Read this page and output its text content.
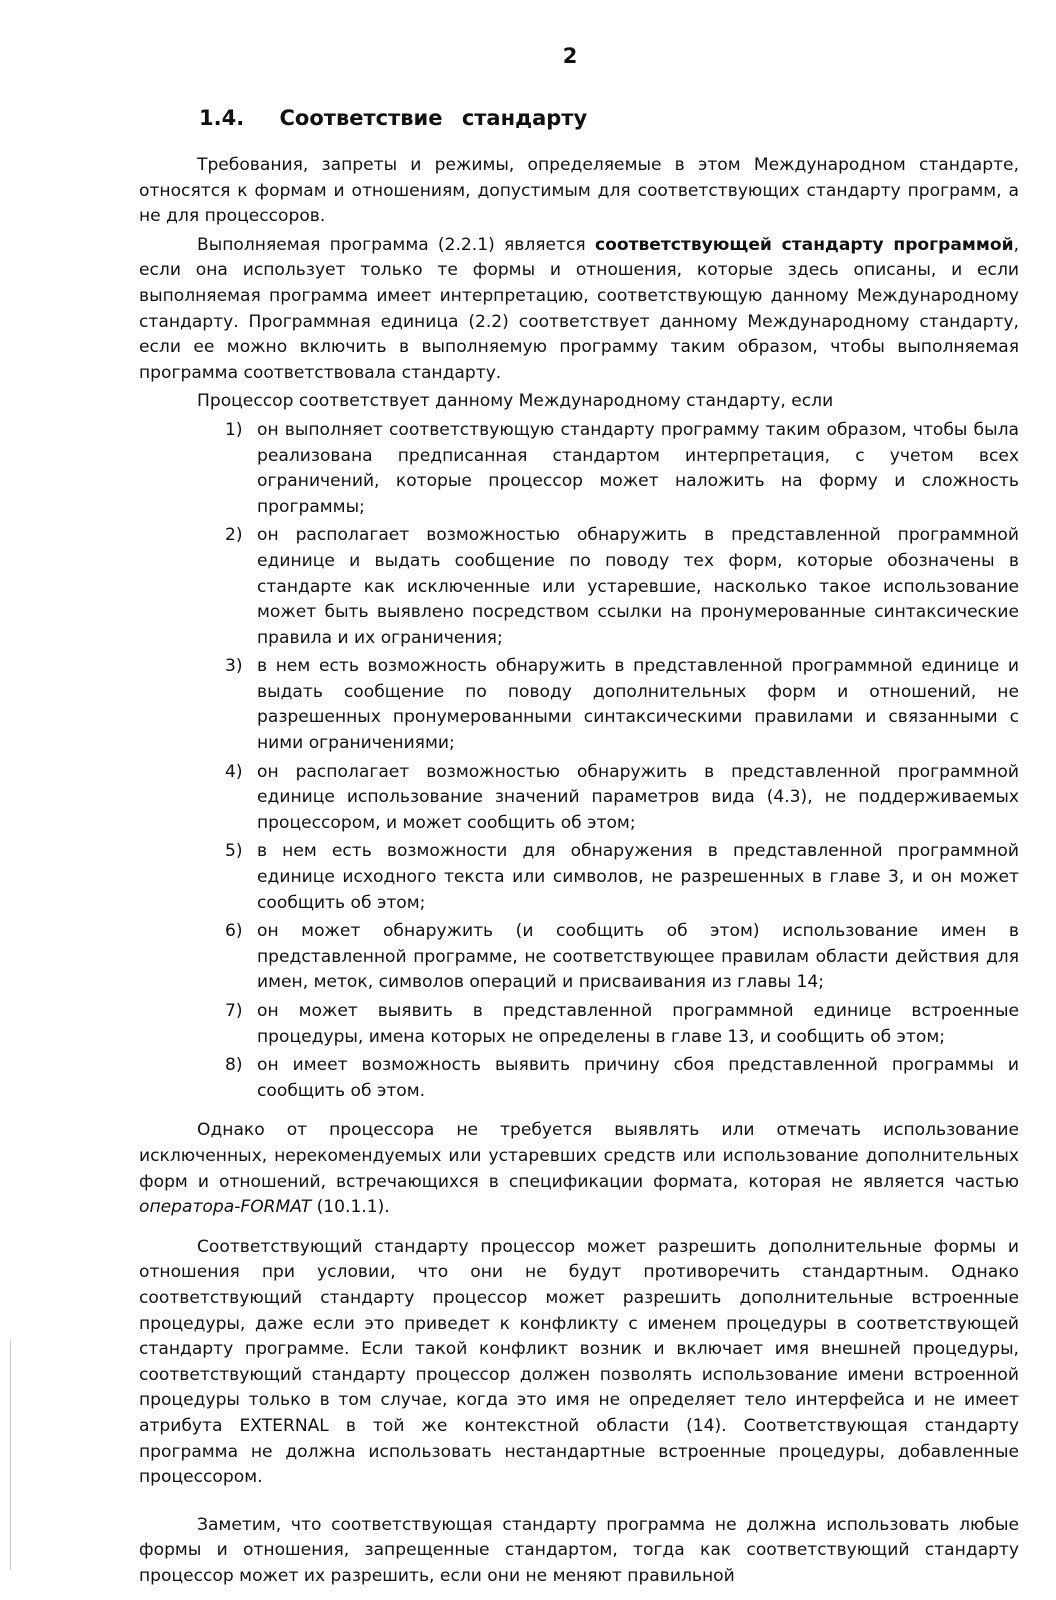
2
1.4. Соответствие стандарту

Требования, запреты и режимы, определяемые в этом Международном стандарте, относятся к формам и отношениям, допустимым для соответствующих стандарту программ, а не для процессоров.

Выполняемая программа (2.2.1) является соответствующей стандарту программой, если она использует только те формы и отношения, которые здесь описаны, и если выполняемая программа имеет интерпретацию, соответствующую данному Международному стандарту. Программная единица (2.2) соответствует данному Международному стандарту, если ее можно включить в выполняемую программу таким образом, чтобы выполняемая программа соответствовала стандарту.

Процессор соответствует данному Международному стандарту, если

1) он выполняет соответствующую стандарту программу таким образом, чтобы была реализована предписанная стандартом интерпретация, с учетом всех ограничений, которые процессор может наложить на форму и сложность программы;
2) он располагает возможностью обнаружить в представленной программной единице и выдать сообщение по поводу тех форм, которые обозначены в стандарте как исключенные или устаревшие, насколько такое использование может быть выявлено посредством ссылки на пронумерованные синтаксические правила и их ограничения;
3) в нем есть возможность обнаружить в представленной программной единице и выдать сообщение по поводу дополнительных форм и отношений, не разрешенных пронумерованными синтаксическими правилами и связанными с ними ограничениями;
4) он располагает возможностью обнаружить в представленной программной единице использование значений параметров вида (4.3), не поддерживаемых процессором, и может сообщить об этом;
5) в нем есть возможности для обнаружения в представленной программной единице исходного текста или символов, не разрешенных в главе 3, и он может сообщить об этом;
6) он может обнаружить (и сообщить об этом) использование имен в представленной программе, не соответствующее правилам области действия для имен, меток, символов операций и присваивания из главы 14;
7) он может выявить в представленной программной единице встроенные процедуры, имена которых не определены в главе 13, и сообщить об этом;
8) он имеет возможность выявить причину сбоя представленной программы и сообщить об этом.

Однако от процессора не требуется выявлять или отмечать использование исключенных, нерекомендуемых или устаревших средств или использование дополнительных форм и отношений, встречающихся в спецификации формата, которая не является частью оператора-FORMAT (10.1.1).

Соответствующий стандарту процессор может разрешить дополнительные формы и отношения при условии, что они не будут противоречить стандартным. Однако соответствующий стандарту процессор может разрешить дополнительные встроенные процедуры, даже если это приведет к конфликту с именем процедуры в соответствующей стандарту программе. Если такой конфликт возник и включает имя внешней процедуры, соответствующий стандарту процессор должен позволять использование имени встроенной процедуры только в том случае, когда это имя не определяет тело интерфейса и не имеет атрибута EXTERNAL в той же контекстной области (14). Соответствующая стандарту программа не должна использовать нестандартные встроенные процедуры, добавленные процессором.

Заметим, что соответствующая стандарту программа не должна использовать любые формы и отношения, запрещенные стандартом, тогда как соответствующий стандарту процессор может их разрешить, если они не меняют правильной
